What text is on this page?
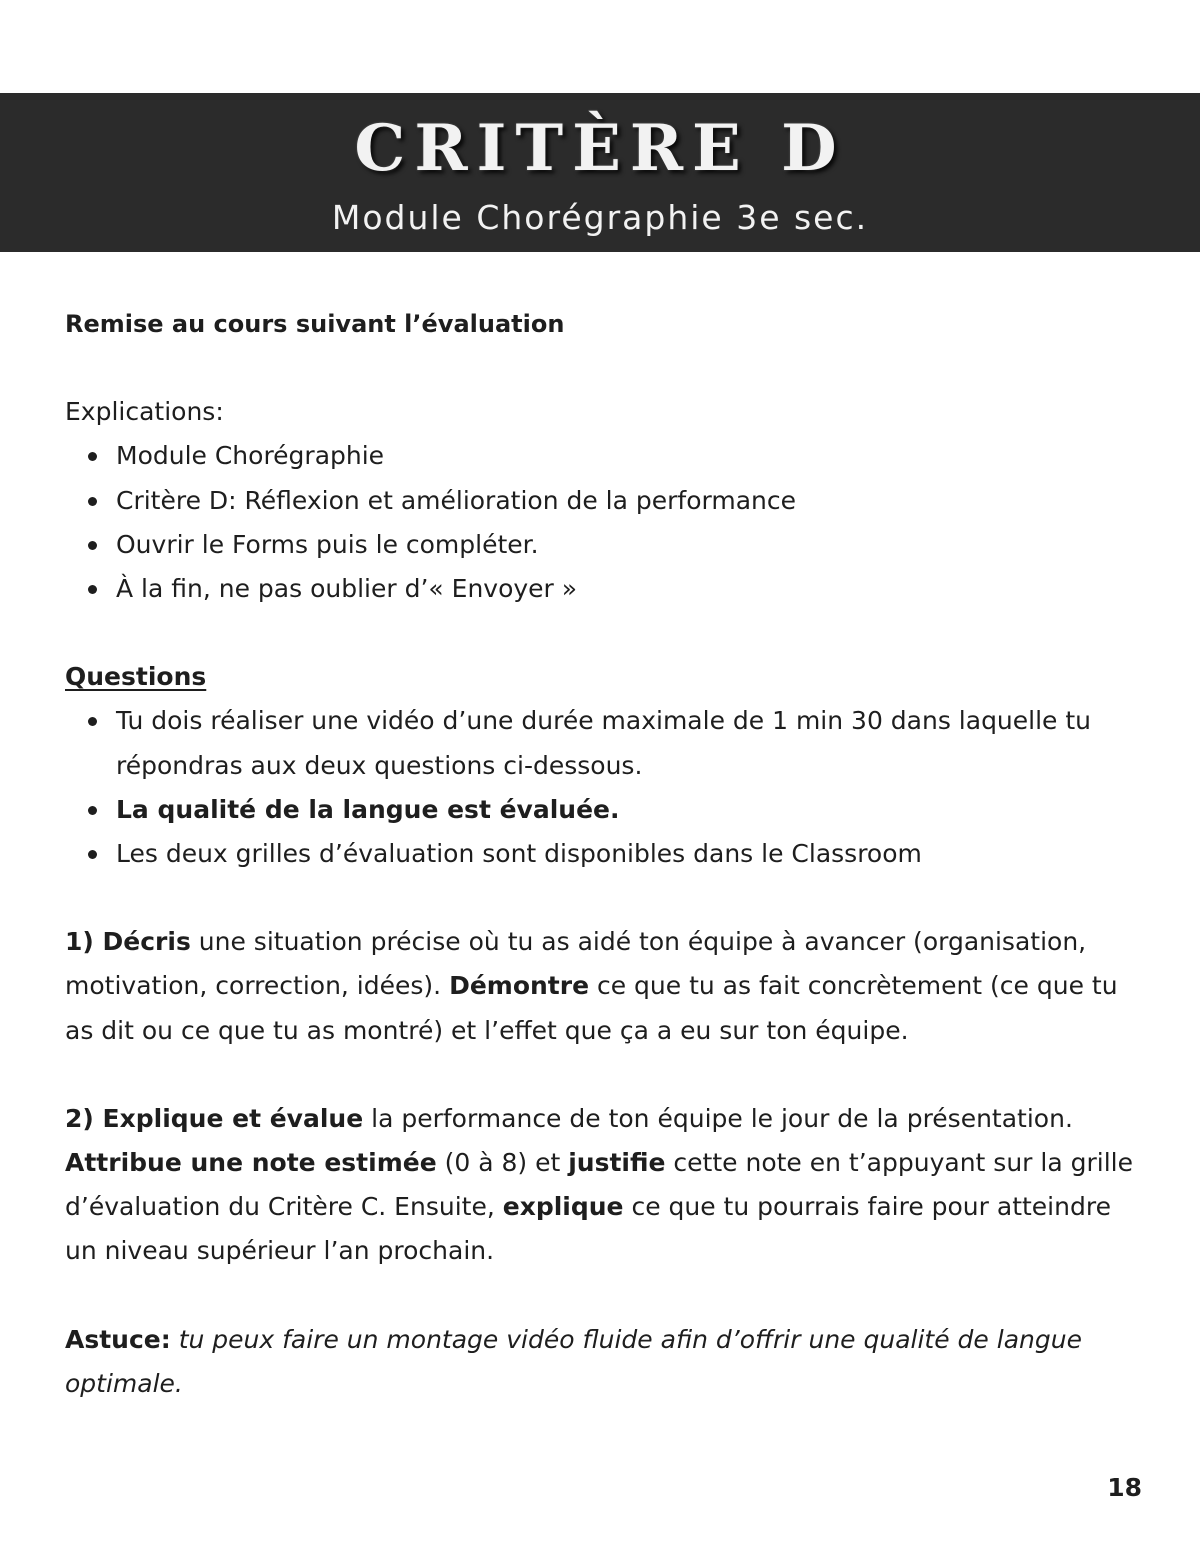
CRITÈRE D
Module Chorégraphie 3e sec.

Remise au cours suivant l’évaluation

Explications:

Module Chorégraphie
Critère D: Réflexion et amélioration de la performance
Ouvrir le Forms puis le compléter.
À la fin, ne pas oublier d’« Envoyer »

Questions

Tu dois réaliser une vidéo d’une durée maximale de 1 min 30 dans laquelle tu répondras aux deux questions ci-dessous.
La qualité de la langue est évaluée.
Les deux grilles d’évaluation sont disponibles dans le Classroom

1) Décris une situation précise où tu as aidé ton équipe à avancer (organisation, motivation, correction, idées). Démontre ce que tu as fait concrètement (ce que tu as dit ou ce que tu as montré) et l’effet que ça a eu sur ton équipe.

2) Explique et évalue la performance de ton équipe le jour de la présentation. Attribue une note estimée (0 à 8) et justifie cette note en t’appuyant sur la grille d’évaluation du Critère C. Ensuite, explique ce que tu pourrais faire pour atteindre un niveau supérieur l’an prochain.

Astuce: tu peux faire un montage vidéo fluide afin d’offrir une qualité de langue optimale.

18
